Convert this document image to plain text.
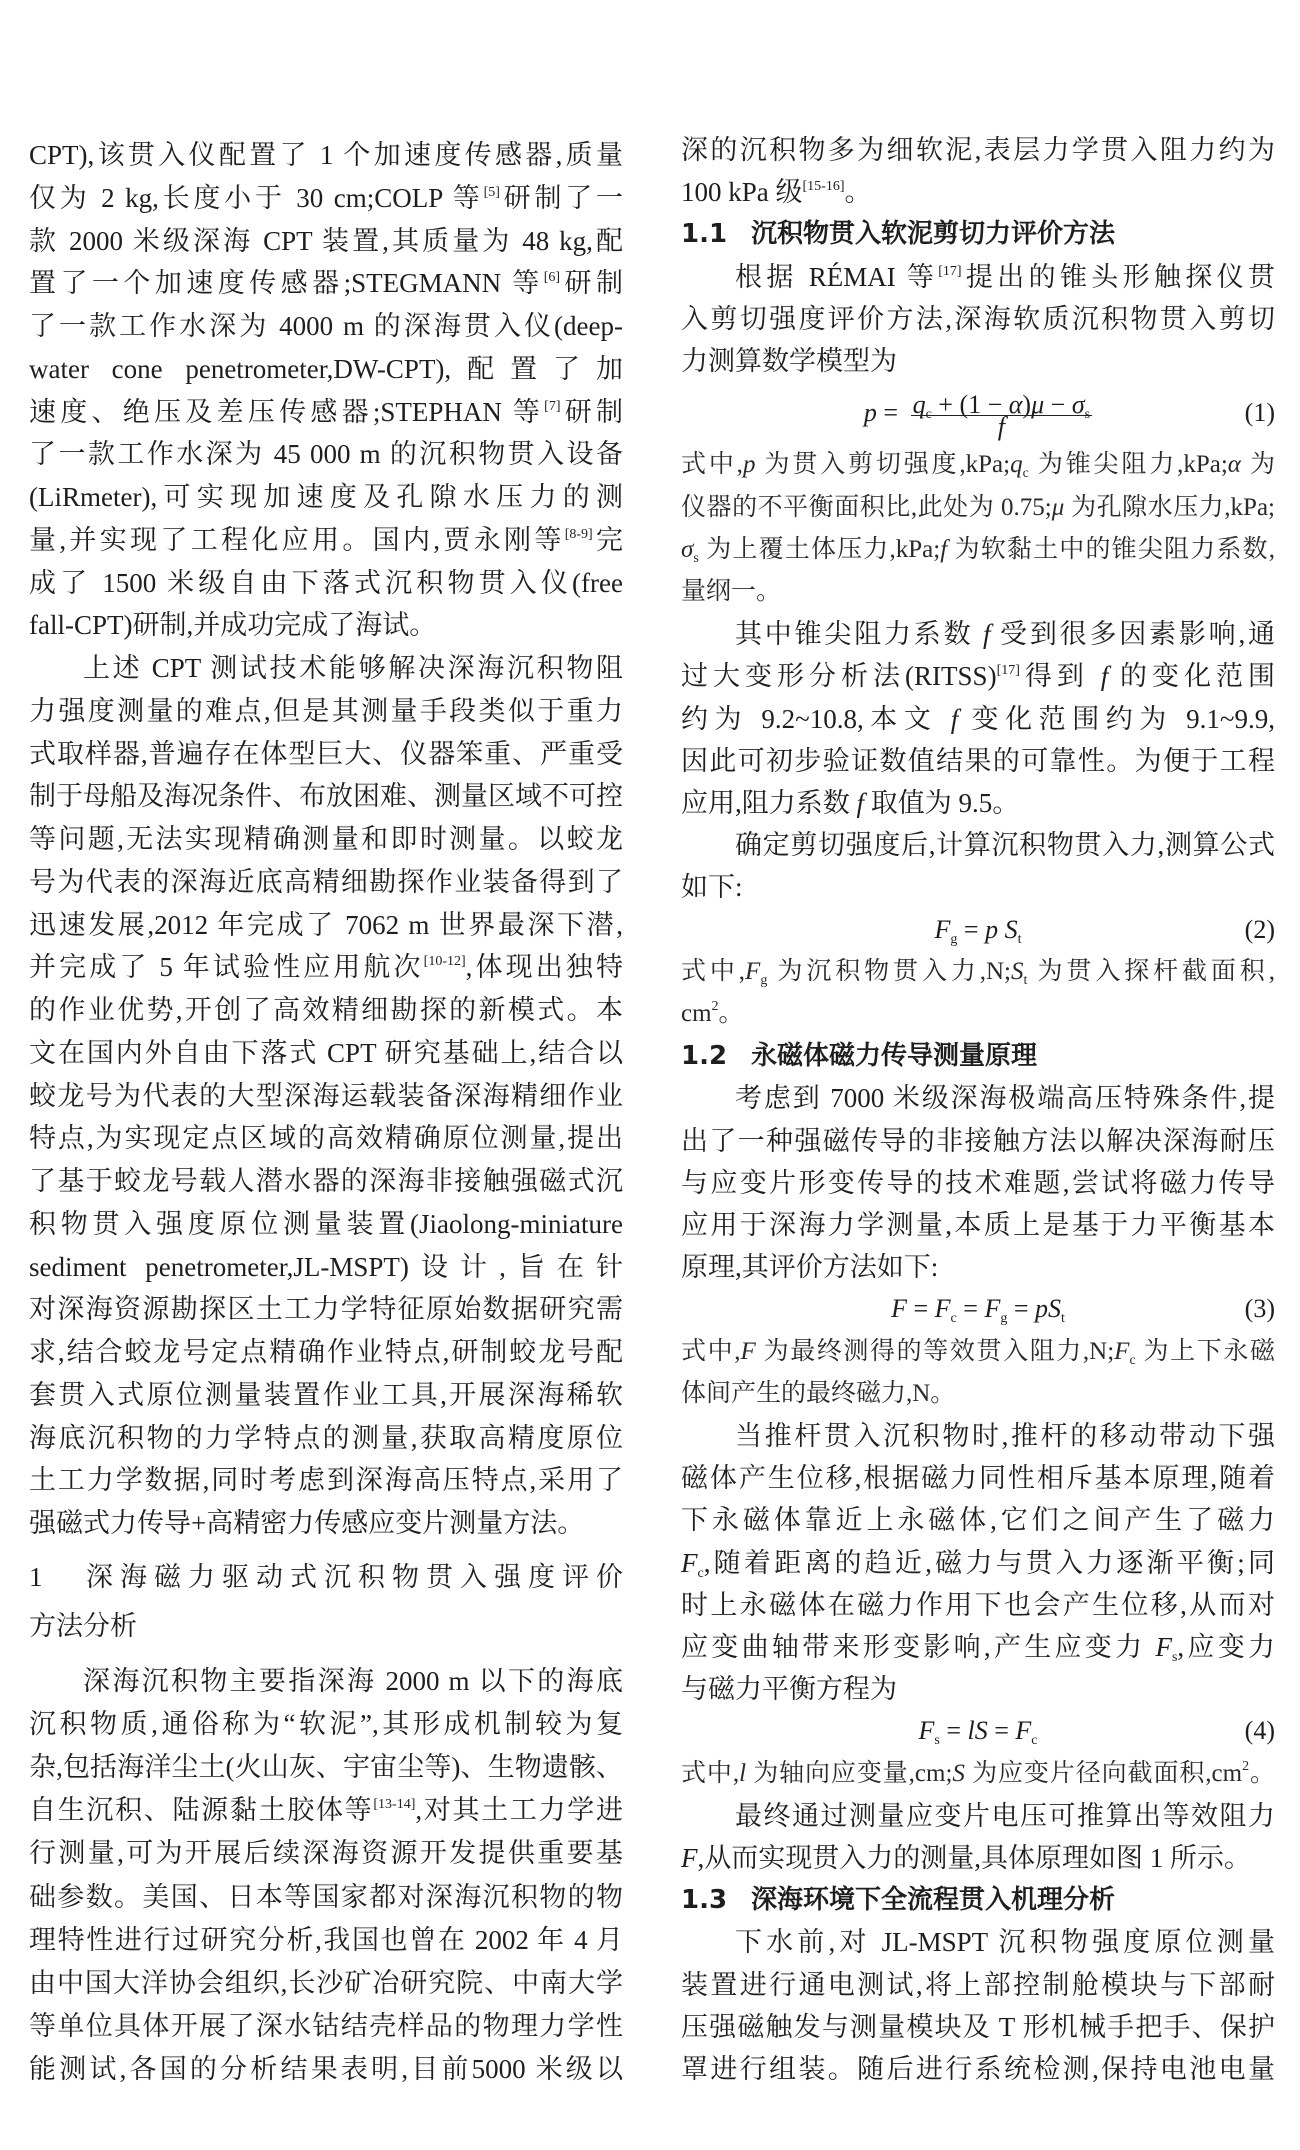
CPT),该贯入仪配置了 1 个加速度传感器,质量
仅为 2 kg,长度小于 30 cm;COLP 等[5]研制了一
款 2000 米级深海 CPT 装置,其质量为 48 kg,配
置了一个加速度传感器;STEGMANN 等[6]研制
了一款工作水深为 4000 m 的深海贯入仪(deep-
water cone penetrometer,DW-CPT),配置了加
速度、绝压及差压传感器;STEPHAN 等[7]研制
了一款工作水深为 45 000 m 的沉积物贯入设备
(LiRmeter),可实现加速度及孔隙水压力的测
量,并实现了工程化应用。国内,贾永刚等[8-9]完
成了 1500 米级自由下落式沉积物贯入仪(free
fall-CPT)研制,并成功完成了海试。
上述 CPT 测试技术能够解决深海沉积物阻
力强度测量的难点,但是其测量手段类似于重力
式取样器,普遍存在体型巨大、仪器笨重、严重受
制于母船及海况条件、布放困难、测量区域不可控
等问题,无法实现精确测量和即时测量。以蛟龙
号为代表的深海近底高精细勘探作业装备得到了
迅速发展,2012 年完成了 7062 m 世界最深下潜,
并完成了 5 年试验性应用航次[10-12],体现出独特
的作业优势,开创了高效精细勘探的新模式。本
文在国内外自由下落式 CPT 研究基础上,结合以
蛟龙号为代表的大型深海运载装备深海精细作业
特点,为实现定点区域的高效精确原位测量,提出
了基于蛟龙号载人潜水器的深海非接触强磁式沉
积物贯入强度原位测量装置(Jiaolong-miniature
sediment penetrometer,JL-MSPT)设计,旨在针
对深海资源勘探区土工力学特征原始数据研究需
求,结合蛟龙号定点精确作业特点,研制蛟龙号配
套贯入式原位测量装置作业工具,开展深海稀软
海底沉积物的力学特点的测量,获取高精度原位
土工力学数据,同时考虑到深海高压特点,采用了
强磁式力传导+高精密力传感应变片测量方法。
1 深海磁力驱动式沉积物贯入强度评价
方法分析
深海沉积物主要指深海 2000 m 以下的海底
沉积物质,通俗称为“软泥”,其形成机制较为复
杂,包括海洋尘土(火山灰、宇宙尘等)、生物遗骸、
自生沉积、陆源黏土胶体等[13-14],对其土工力学进
行测量,可为开展后续深海资源开发提供重要基
础参数。美国、日本等国家都对深海沉积物的物
理特性进行过研究分析,我国也曾在 2002 年 4 月
由中国大洋协会组织,长沙矿冶研究院、中南大学
等单位具体开展了深水钴结壳样品的物理力学性
能测试,各国的分析结果表明,目前5000 米级以
深的沉积物多为细软泥,表层力学贯入阻力约为
100 kPa 级[15-16]。
1.1 沉积物贯入软泥剪切力评价方法
根据 RÉMAI 等[17]提出的锥头形触探仪贯
入剪切强度评价方法,深海软质沉积物贯入剪切
力测算数学模型为
$p = \frac{q_c + (1 - \alpha)\mu - \sigma_s}{f}$	(1)
式中,p 为贯入剪切强度$,kPa;q_c$ 为锥尖阻力,kPa;α 为
仪器的不平衡面积比,此处为 0.75;μ 为孔隙水压力,kPa;
$\sigma_s$ 为上覆土体压力,kPa;f 为软黏土中的锥尖阻力系数,
量纲一。
其中锥尖阻力系数 f 受到很多因素影响,通
过大变形分析法(RITSS)[17]得到 f 的变化范围
约为 9.2~10.8,本文 f 变化范围约为 9.1~9.9,
因此可初步验证数值结果的可靠性。为便于工程
应用,阻力系数 f 取值为 9.5。
确定剪切强度后,计算沉积物贯入力,测算公式
如下:
$F_g = p$ $S_t$	(2)
式中$,F_g$ 为沉积物贯入力$,N;S_t$ 为贯入探杆截面积,
$cm^2$。
1.2 永磁体磁力传导测量原理
考虑到 7000 米级深海极端高压特殊条件,提
出了一种强磁传导的非接触方法以解决深海耐压
与应变片形变传导的技术难题,尝试将磁力传导
应用于深海力学测量,本质上是基于力平衡基本
原理,其评价方法如下:
$F = F_c = F_g = pS_t$	(3)
式中,F 为最终测得的等效贯入阻力$,N;F_c$ 为上下永磁
体间产生的最终磁力,N。
当推杆贯入沉积物时,推杆的移动带动下强
磁体产生位移,根据磁力同性相斥基本原理,随着
下永磁体靠近上永磁体,它们之间产生了磁力
$F_c$,随着距离的趋近,磁力与贯入力逐渐平衡;同
时上永磁体在磁力作用下也会产生位移,从而对
应变曲轴带来形变影响,产生应变力 $F_s$,应变力
与磁力平衡方程为
$F_s$ = lS = $F_c$	(4)
式中,l 为轴向应变量,cm;S 为应变片径向截面积$,cm^2$。
最终通过测量应变片电压可推算出等效阻力
F,从而实现贯入力的测量,具体原理如图 1 所示。
1.3 深海环境下全流程贯入机理分析
下水前,对 JL-MSPT 沉积物强度原位测量
装置进行通电测试,将上部控制舱模块与下部耐
压强磁触发与测量模块及 T 形机械手把手、保护
罩进行组装。随后进行系统检测,保持电池电量
